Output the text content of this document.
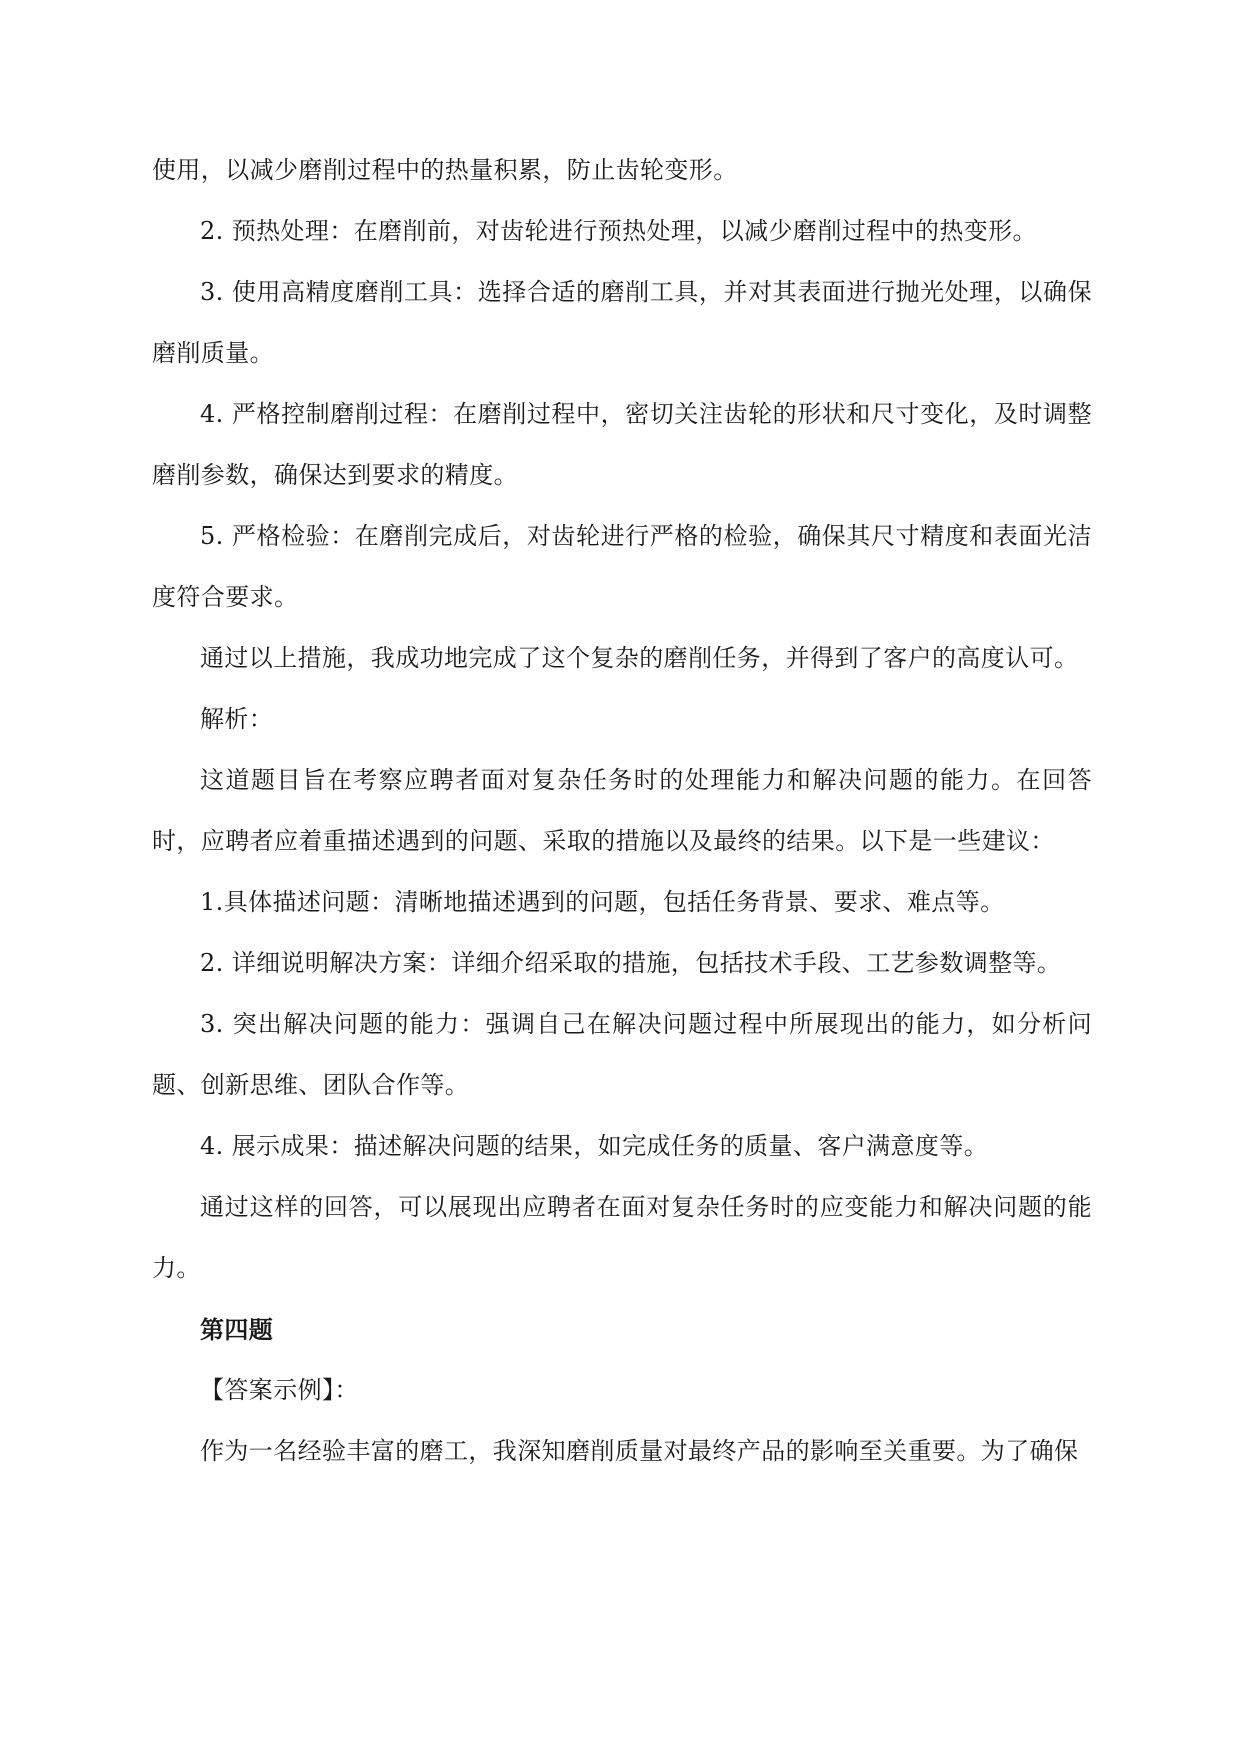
使用，以减少磨削过程中的热量积累，防止齿轮变形。

2. 预热处理：在磨削前，对齿轮进行预热处理，以减少磨削过程中的热变形。

3. 使用高精度磨削工具：选择合适的磨削工具，并对其表面进行抛光处理，以确保磨削质量。

4. 严格控制磨削过程：在磨削过程中，密切关注齿轮的形状和尺寸变化，及时调整磨削参数，确保达到要求的精度。

5. 严格检验：在磨削完成后，对齿轮进行严格的检验，确保其尺寸精度和表面光洁度符合要求。

通过以上措施，我成功地完成了这个复杂的磨削任务，并得到了客户的高度认可。

解析：

这道题目旨在考察应聘者面对复杂任务时的处理能力和解决问题的能力。在回答时，应聘者应着重描述遇到的问题、采取的措施以及最终的结果。以下是一些建议：

1.具体描述问题：清晰地描述遇到的问题，包括任务背景、要求、难点等。

2. 详细说明解决方案：详细介绍采取的措施，包括技术手段、工艺参数调整等。

3. 突出解决问题的能力：强调自己在解决问题过程中所展现出的能力，如分析问题、创新思维、团队合作等。

4. 展示成果：描述解决问题的结果，如完成任务的质量、客户满意度等。

通过这样的回答，可以展现出应聘者在面对复杂任务时的应变能力和解决问题的能力。

第四题

【答案示例】：

作为一名经验丰富的磨工，我深知磨削质量对最终产品的影响至关重要。为了确保
